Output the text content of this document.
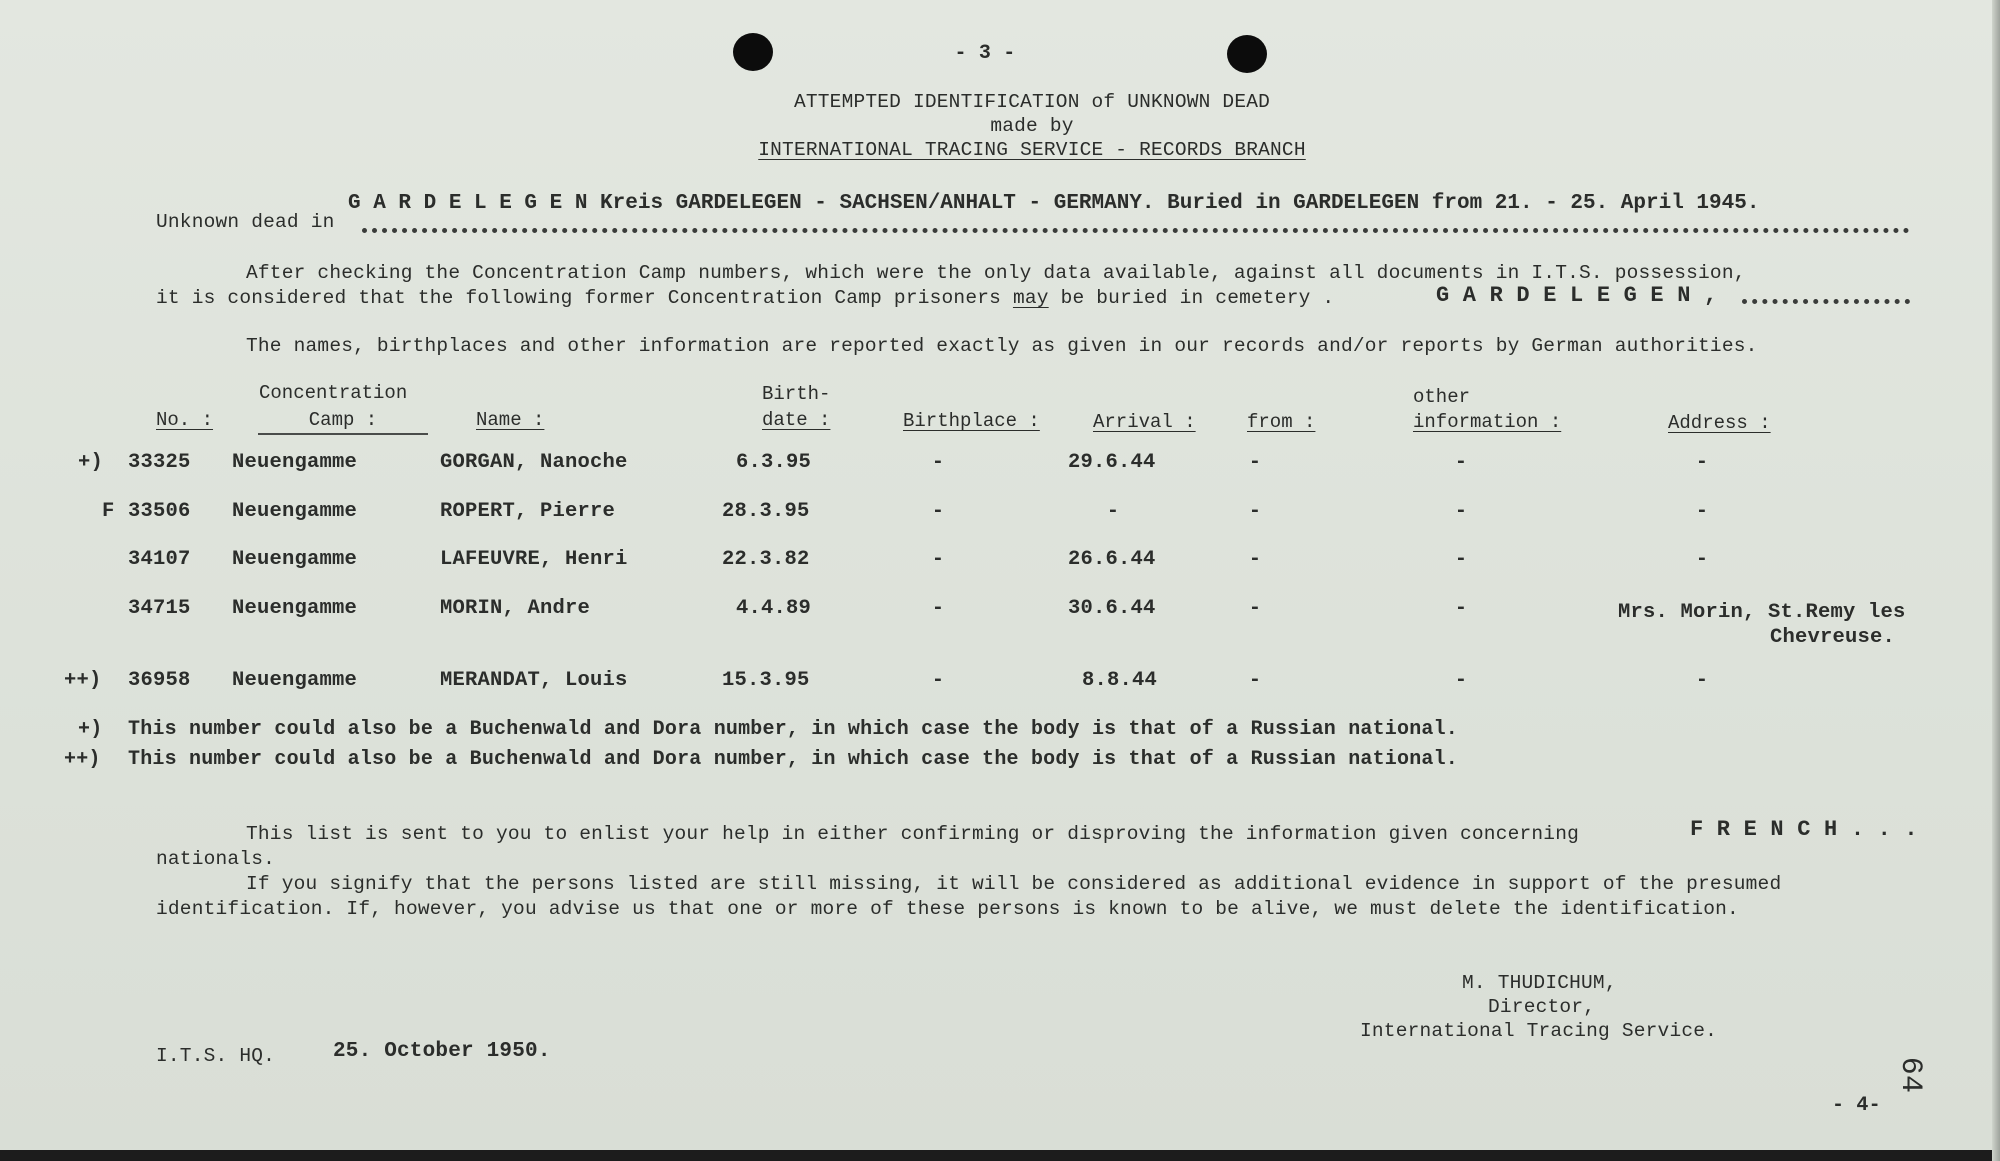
- 3 -
ATTEMPTED IDENTIFICATION of UNKNOWN DEAD
made by
INTERNATIONAL TRACING SERVICE - RECORDS BRANCH
Unknown dead in
G A R D E L E G E N Kreis GARDELEGEN - SACHSEN/ANHALT - GERMANY. Buried in GARDELEGEN from 21. - 25. April 1945.
After checking the Concentration Camp numbers, which were the only data available, against all documents in I.T.S. possession,
it is considered that the following former Concentration Camp prisoners may be buried in cemetery .	G A R D E L E G E N ,
The names, birthplaces and other information are reported exactly as given in our records and/or reports by German authorities.
Concentration	Birth-	other
No. :	Camp :	Name :	date :	Birthplace :	Arrival :	from :	information :	Address :
+) 33325 Neuengamme	GORGAN, Nanoche	6.3.95	-	29.6.44	-	-	-
F 33506 Neuengamme	ROPERT, Pierre	28.3.95	-	-	-	-	-
34107 Neuengamme	LAFEUVRE, Henri	22.3.82	-	26.6.44	-	-	-
34715 Neuengamme	MORIN, Andre	4.4.89	-	30.6.44	-	-	Mrs. Morin, St.Remy les
Chevreuse.
++) 36958 Neuengamme	MERANDAT, Louis	15.3.95	-	8.8.44	-	-	-
+) This number could also be a Buchenwald and Dora number, in which case the body is that of a Russian national.
++) This number could also be a Buchenwald and Dora number, in which case the body is that of a Russian national.
This list is sent to you to enlist your help in either confirming or disproving the information given concerning	F R E N C H . . .
nationals.
If you signify that the persons listed are still missing, it will be considered as additional evidence in support of the presumed
identification. If, however, you advise us that one or more of these persons is known to be alive, we must delete the identification.
M. THUDICHUM,
Director,
International Tracing Service.
I.T.S. HQ.	25. October 1950.
64
- 4-
